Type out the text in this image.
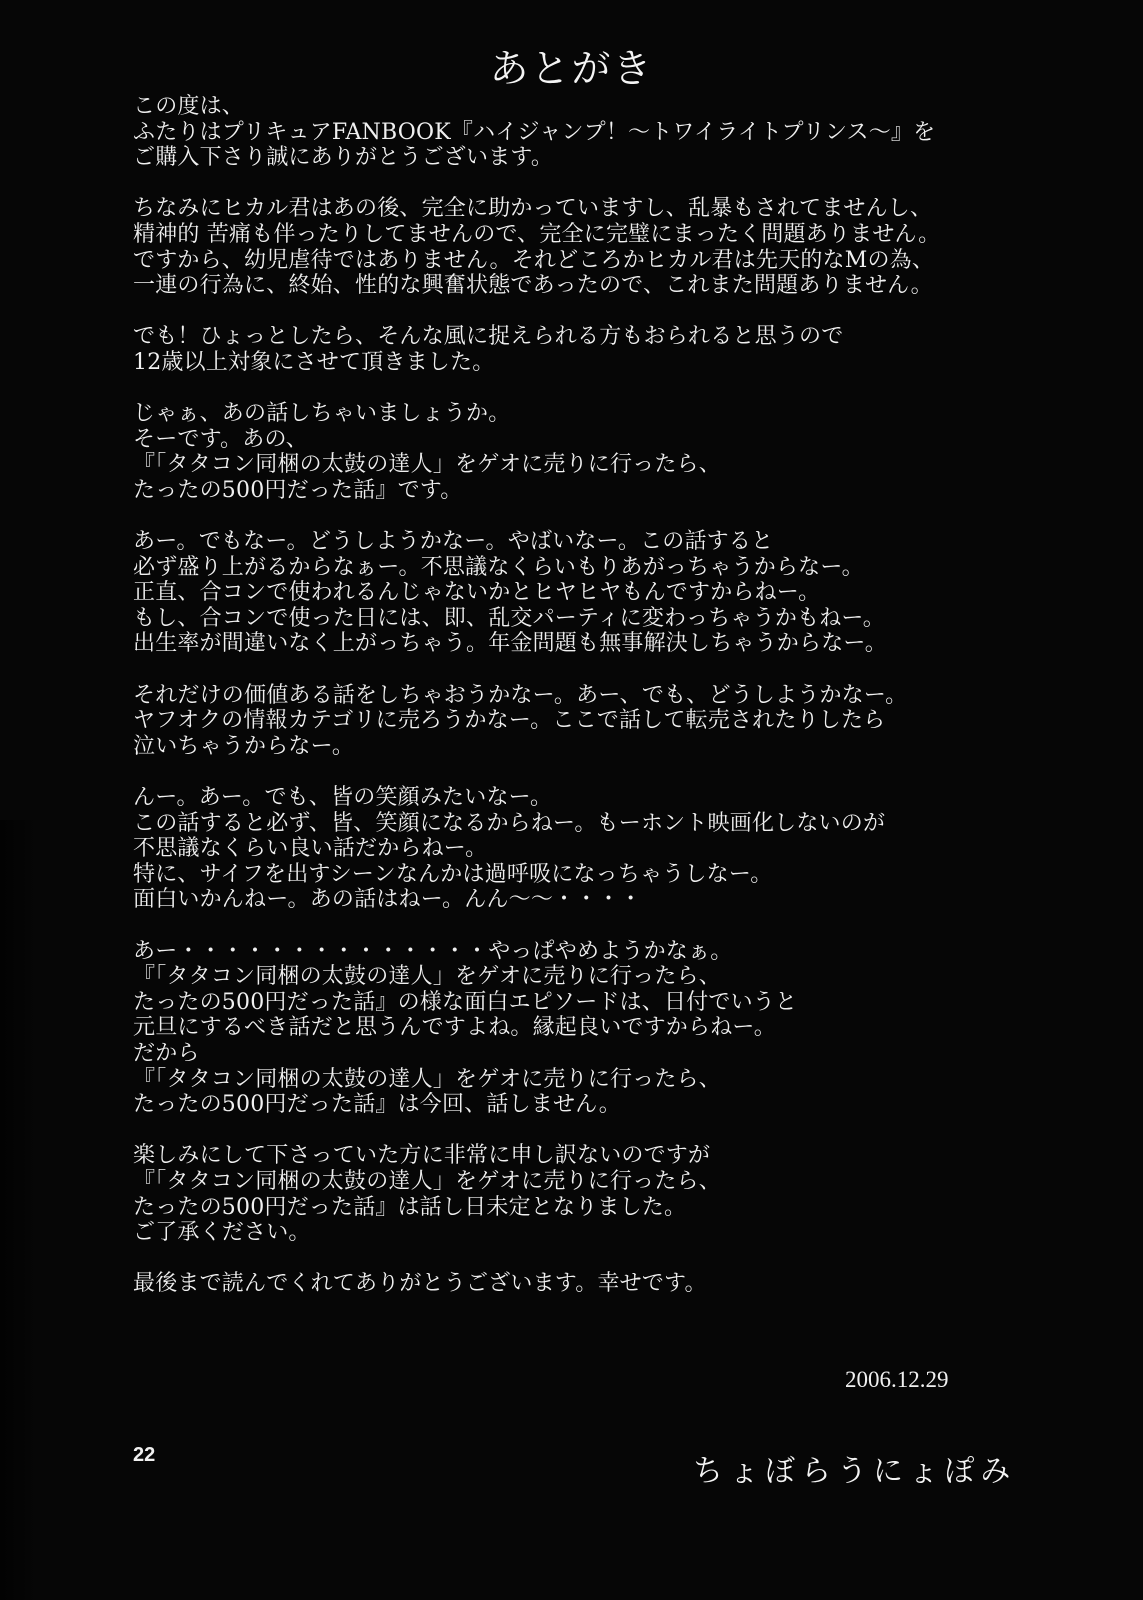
あとがき
この度は、
ふたりはプリキュアFANBOOK『ハイジャンプ！～トワイライトプリンス～』を
ご購入下さり誠にありがとうございます。
ちなみにヒカル君はあの後、完全に助かっていますし、乱暴もされてませんし、
精神的 苦痛も伴ったりしてませんので、完全に完璧にまったく問題ありません。
ですから、幼児虐待ではありません。それどころかヒカル君は先天的なMの為、
一連の行為に、終始、性的な興奮状態であったので、これまた問題ありません。
でも！ひょっとしたら、そんな風に捉えられる方もおられると思うので
12歳以上対象にさせて頂きました。
じゃぁ、あの話しちゃいましょうか。
そーです。あの、
『「タタコン同梱の太鼓の達人」をゲオに売りに行ったら、
たったの500円だった話』です。
あー。でもなー。どうしようかなー。やばいなー。この話すると
必ず盛り上がるからなぁー。不思議なくらいもりあがっちゃうからなー。
正直、合コンで使われるんじゃないかとヒヤヒヤもんですからねー。
もし、合コンで使った日には、即、乱交パーティに変わっちゃうかもねー。
出生率が間違いなく上がっちゃう。年金問題も無事解決しちゃうからなー。
それだけの価値ある話をしちゃおうかなー。あー、でも、どうしようかなー。
ヤフオクの情報カテゴリに売ろうかなー。ここで話して転売されたりしたら
泣いちゃうからなー。
んー。あー。でも、皆の笑顔みたいなー。
この話すると必ず、皆、笑顔になるからねー。もーホント映画化しないのが
不思議なくらい良い話だからねー。
特に、サイフを出すシーンなんかは過呼吸になっちゃうしなー。
面白いかんねー。あの話はねー。んん～～・・・・
あー・・・・・・・・・・・・・・やっぱやめようかなぁ。
『「タタコン同梱の太鼓の達人」をゲオに売りに行ったら、
たったの500円だった話』の様な面白エピソードは、日付でいうと
元旦にするべき話だと思うんですよね。縁起良いですからねー。
だから
『「タタコン同梱の太鼓の達人」をゲオに売りに行ったら、
たったの500円だった話』は今回、話しません。
楽しみにして下さっていた方に非常に申し訳ないのですが
『「タタコン同梱の太鼓の達人」をゲオに売りに行ったら、
たったの500円だった話』は話し日未定となりました。
ご了承ください。
最後まで読んでくれてありがとうございます。幸せです。
2006.12.29
22	ちょぼらうにょぽみ
